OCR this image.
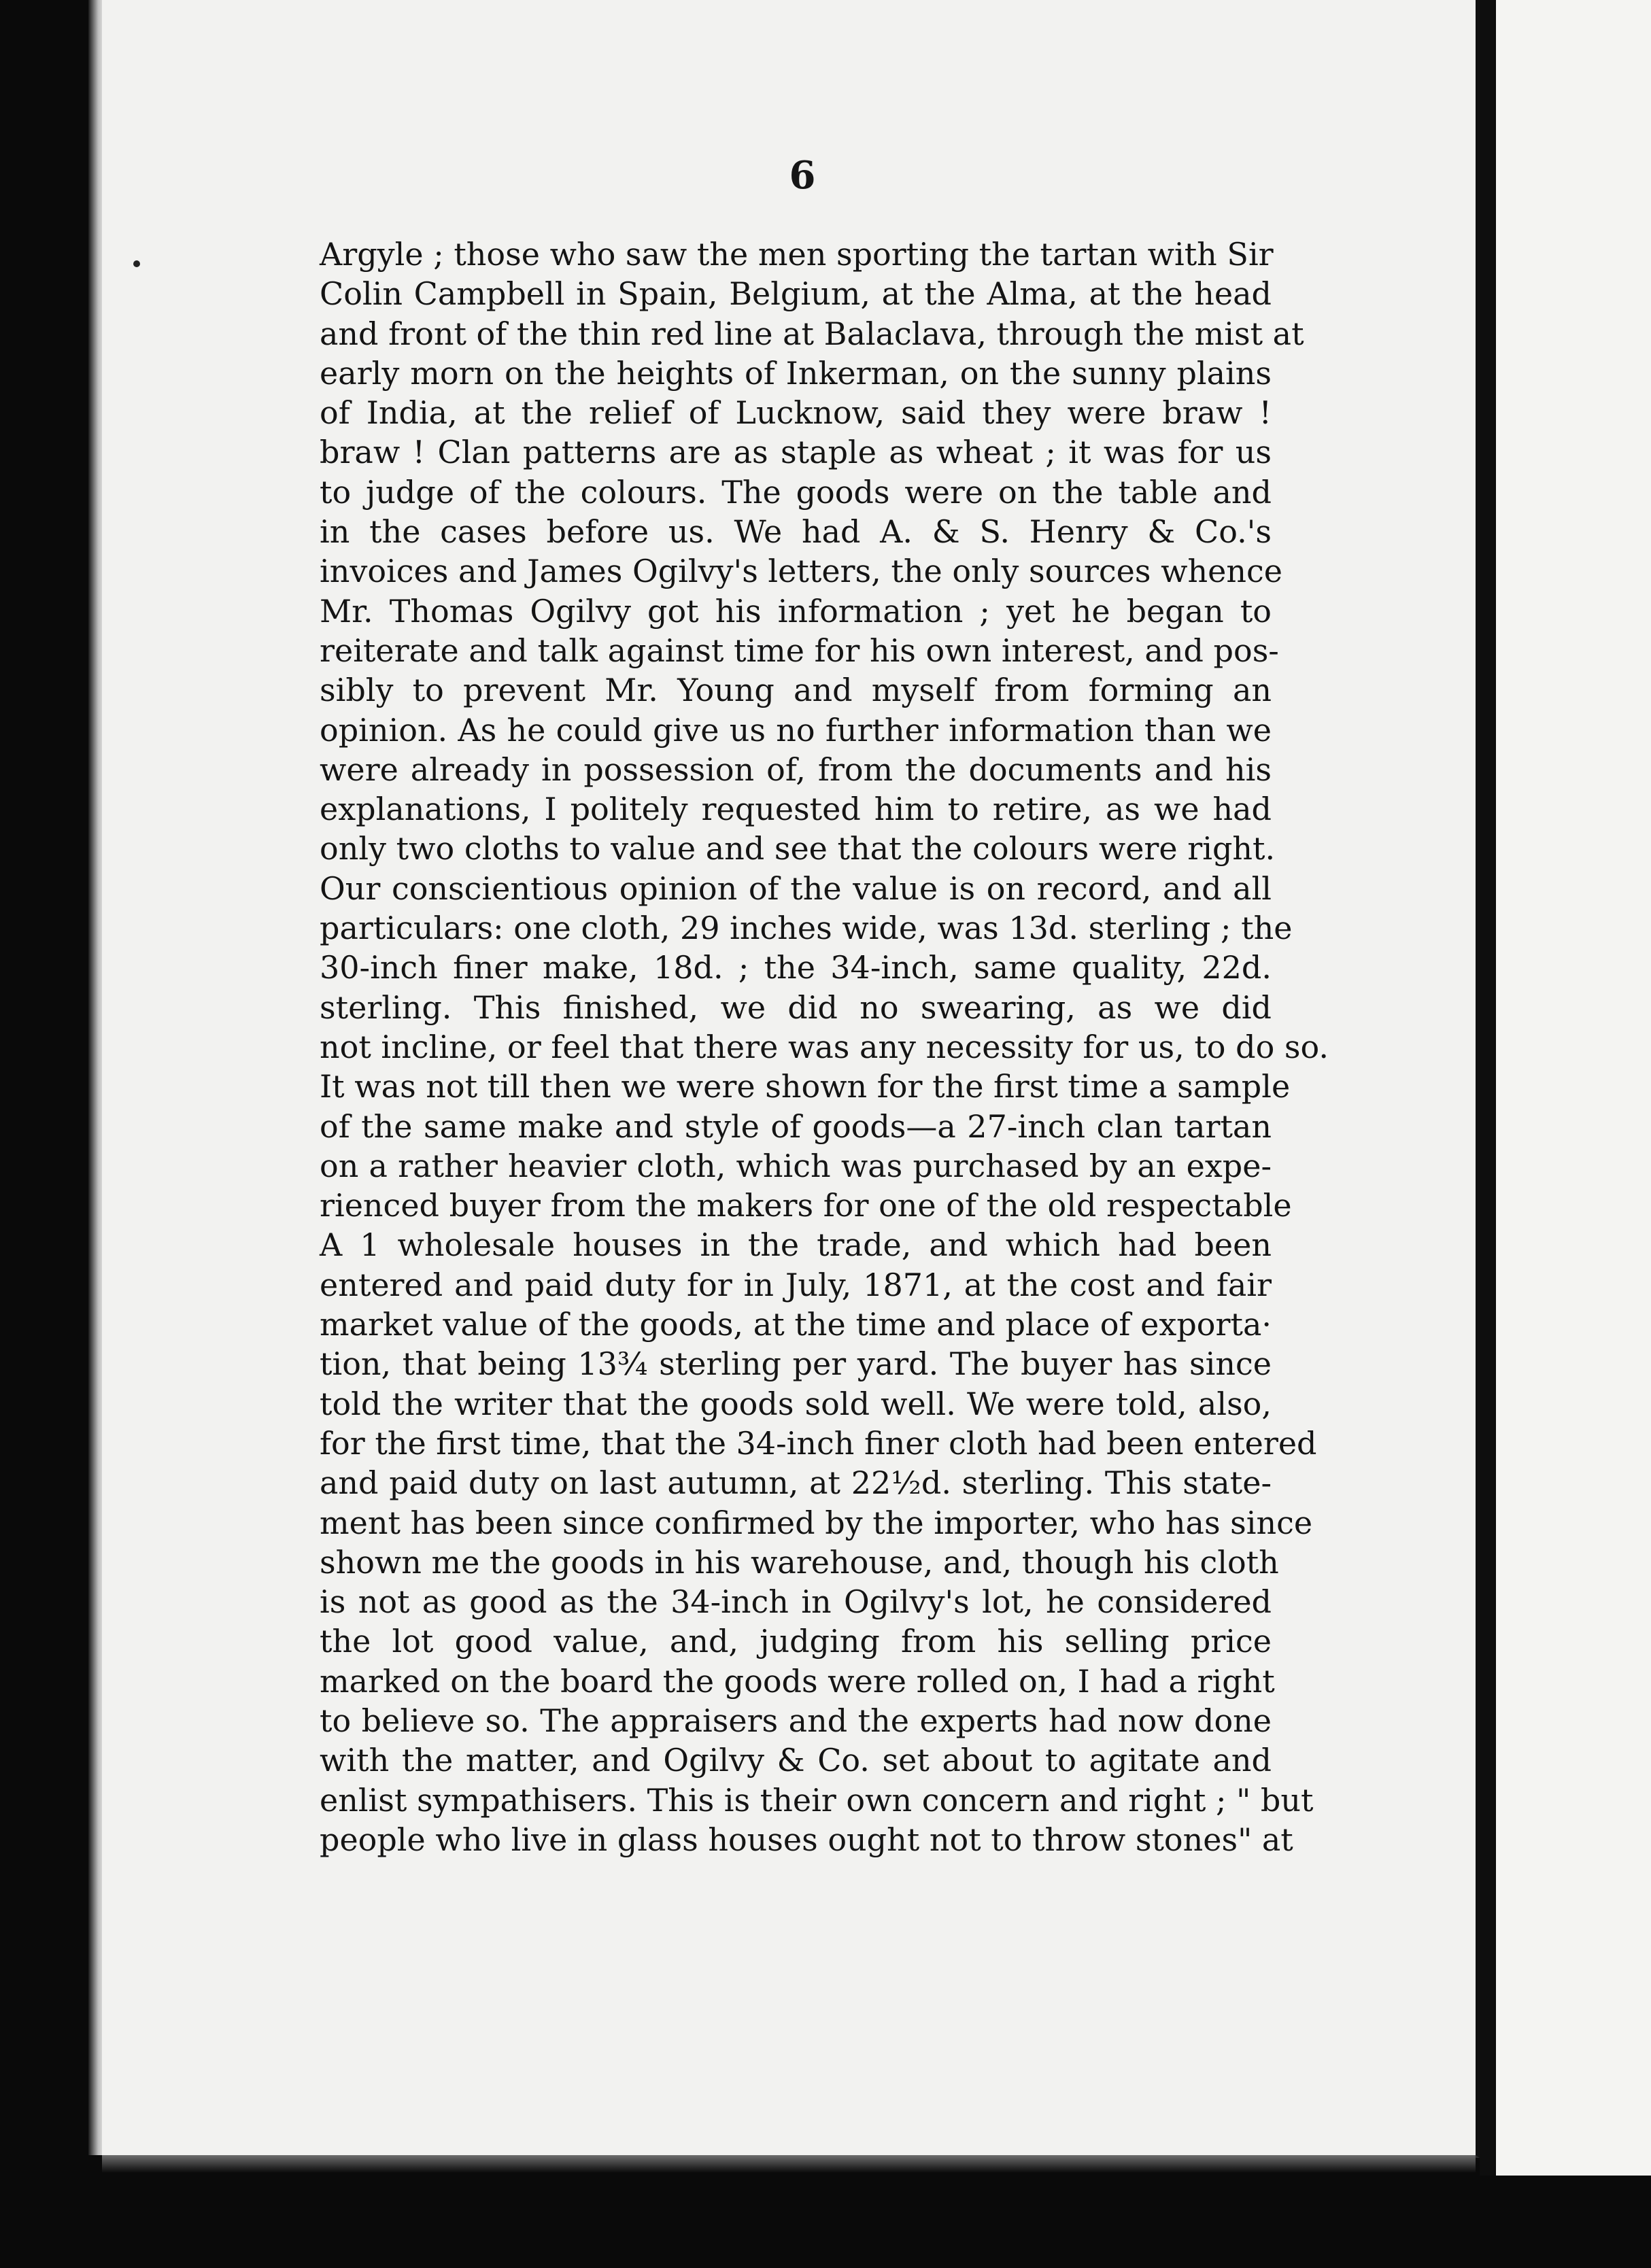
6
Argyle ; those who saw the men sporting the tartan with Sir
Colin Campbell in Spain, Belgium, at the Alma, at the head
and front of the thin red line at Balaclava, through the mist at
early morn on the heights of Inkerman, on the sunny plains
of India, at the relief of Lucknow, said they were braw !
braw ! Clan patterns are as staple as wheat ; it was for us
to judge of the colours. The goods were on the table and
in the cases before us. We had A. & S. Henry & Co.'s
invoices and James Ogilvy's letters, the only sources whence
Mr. Thomas Ogilvy got his information ; yet he began to
reiterate and talk against time for his own interest, and pos-
sibly to prevent Mr. Young and myself from forming an
opinion. As he could give us no further information than we
were already in possession of, from the documents and his
explanations, I politely requested him to retire, as we had
only two cloths to value and see that the colours were right.
Our conscientious opinion of the value is on record, and all
particulars: one cloth, 29 inches wide, was 13d. sterling ; the
30-inch finer make, 18d. ; the 34-inch, same quality, 22d.
sterling. This finished, we did no swearing, as we did
not incline, or feel that there was any necessity for us, to do so.
It was not till then we were shown for the first time a sample
of the same make and style of goods—a 27-inch clan tartan
on a rather heavier cloth, which was purchased by an expe-
rienced buyer from the makers for one of the old respectable
A 1 wholesale houses in the trade, and which had been
entered and paid duty for in July, 1871, at the cost and fair
market value of the goods, at the time and place of exporta·
tion, that being 13¾ sterling per yard. The buyer has since
told the writer that the goods sold well. We were told, also,
for the first time, that the 34-inch finer cloth had been entered
and paid duty on last autumn, at 22½d. sterling. This state-
ment has been since confirmed by the importer, who has since
shown me the goods in his warehouse, and, though his cloth
is not as good as the 34-inch in Ogilvy's lot, he considered
the lot good value, and, judging from his selling price
marked on the board the goods were rolled on, I had a right
to believe so. The appraisers and the experts had now done
with the matter, and Ogilvy & Co. set about to agitate and
enlist sympathisers. This is their own concern and right ; " but
people who live in glass houses ought not to throw stones" at
